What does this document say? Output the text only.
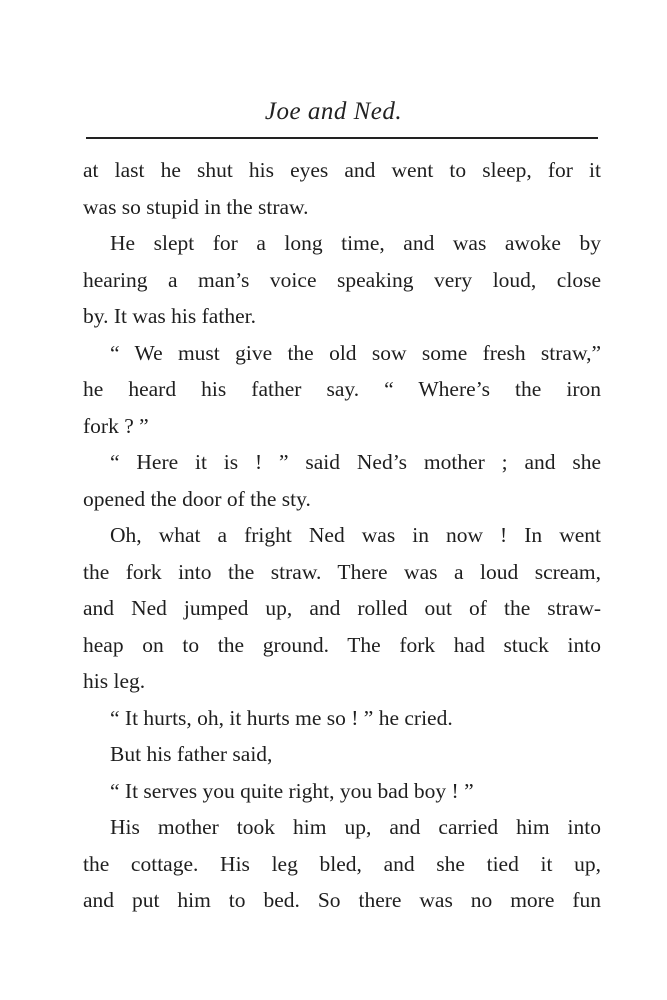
Joe and Ned.
at last he shut his eyes and went to sleep, for it
was so stupid in the straw.
He slept for a long time, and was awoke by
hearing a man’s voice speaking very loud, close
by. It was his father.
“ We must give the old sow some fresh straw,”
he heard his father say. “ Where’s the iron
fork ? ”
“ Here it is ! ” said Ned’s mother ; and she
opened the door of the sty.
Oh, what a fright Ned was in now ! In went
the fork into the straw. There was a loud scream,
and Ned jumped up, and rolled out of the straw-
heap on to the ground. The fork had stuck into
his leg.
“ It hurts, oh, it hurts me so ! ” he cried.
But his father said,
“ It serves you quite right, you bad boy ! ”
His mother took him up, and carried him into
the cottage. His leg bled, and she tied it up,
and put him to bed. So there was no more fun
